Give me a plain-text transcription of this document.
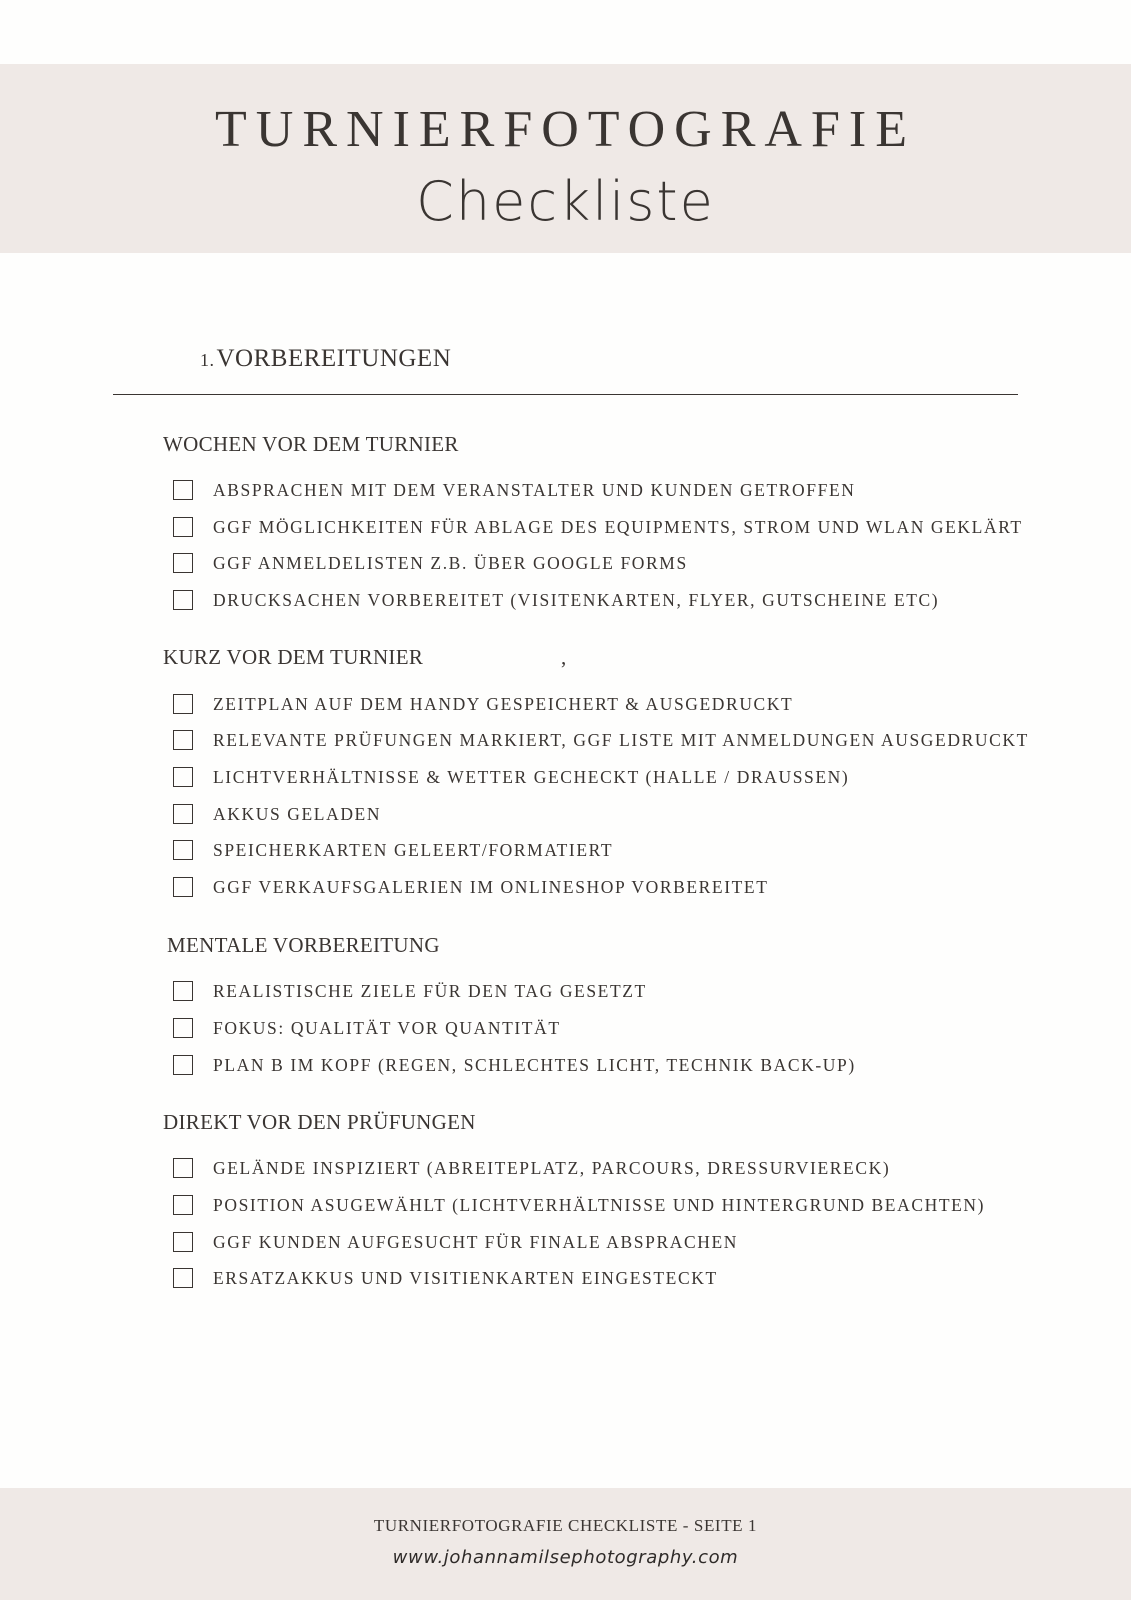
TURNIERFOTOGRAFIE
Checkliste
1.VORBEREITUNGEN
WOCHEN VOR DEM TURNIER
ABSPRACHEN MIT DEM VERANSTALTER UND KUNDEN GETROFFEN
GGF MÖGLICHKEITEN FÜR ABLAGE DES EQUIPMENTS, STROM UND WLAN GEKLÄRT
GGF ANMELDELISTEN Z.B. ÜBER GOOGLE FORMS
DRUCKSACHEN VORBEREITET (VISITENKARTEN, FLYER, GUTSCHEINE ETC)
KURZ VOR DEM TURNIER	,
ZEITPLAN AUF DEM HANDY GESPEICHERT & AUSGEDRUCKT
RELEVANTE PRÜFUNGEN MARKIERT, GGF LISTE MIT ANMELDUNGEN AUSGEDRUCKT
LICHTVERHÄLTNISSE & WETTER GECHECKT (HALLE / DRAUSSEN)
AKKUS GELADEN
SPEICHERKARTEN GELEERT/FORMATIERT
GGF VERKAUFSGALERIEN IM ONLINESHOP VORBEREITET
MENTALE VORBEREITUNG
REALISTISCHE ZIELE FÜR DEN TAG GESETZT
FOKUS: QUALITÄT VOR QUANTITÄT
PLAN B IM KOPF (REGEN, SCHLECHTES LICHT, TECHNIK BACK-UP)
DIREKT VOR DEN PRÜFUNGEN
GELÄNDE INSPIZIERT (ABREITEPLATZ, PARCOURS, DRESSURVIERECK)
POSITION ASUGEWÄHLT (LICHTVERHÄLTNISSE UND HINTERGRUND BEACHTEN)
GGF KUNDEN AUFGESUCHT FÜR FINALE ABSPRACHEN
ERSATZAKKUS UND VISITIENKARTEN EINGESTECKT
TURNIERFOTOGRAFIE CHECKLISTE - SEITE 1
www.johannamilsephotography.com
